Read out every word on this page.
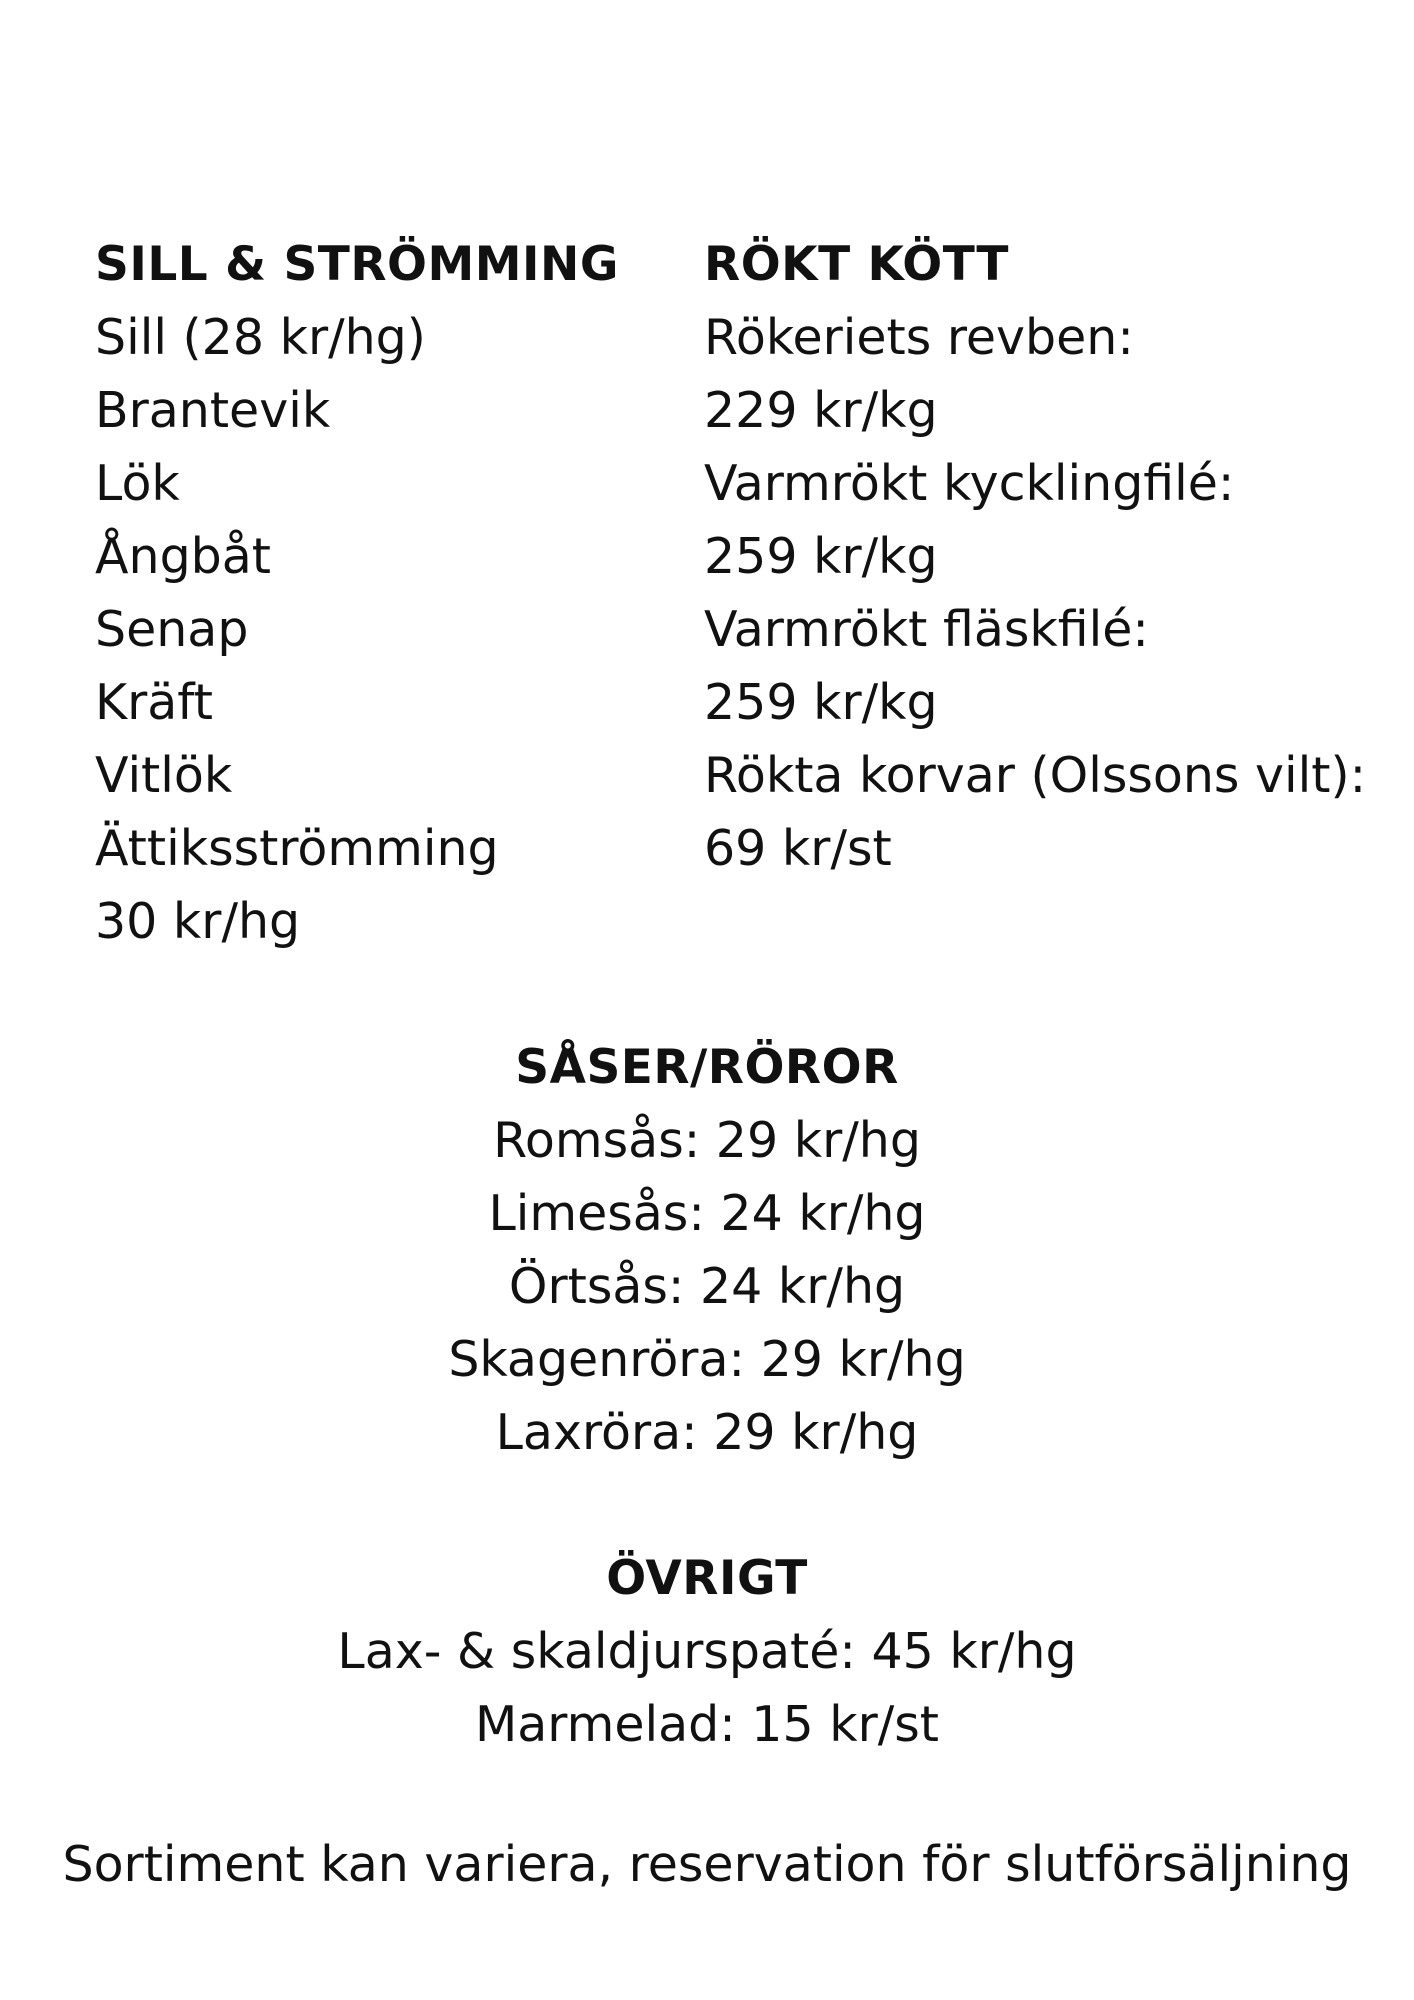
SILL & STRÖMMING
Sill (28 kr/hg)
Brantevik
Lök
Ångbåt
Senap
Kräft
Vitlök
Ättiksströmming
30 kr/hg
RÖKT KÖTT
Rökeriets revben:
229 kr/kg
Varmrökt kycklingfilé:
259 kr/kg
Varmrökt fläskfilé:
259 kr/kg
Rökta korvar (Olssons vilt):
69 kr/st
SÅSER/RÖROR
Romsås: 29 kr/hg
Limesås: 24 kr/hg
Örtsås: 24 kr/hg
Skagenröra: 29 kr/hg
Laxröra: 29 kr/hg
ÖVRIGT
Lax- & skaldjurspaté: 45 kr/hg
Marmelad: 15 kr/st
Sortiment kan variera, reservation för slutförsäljning
